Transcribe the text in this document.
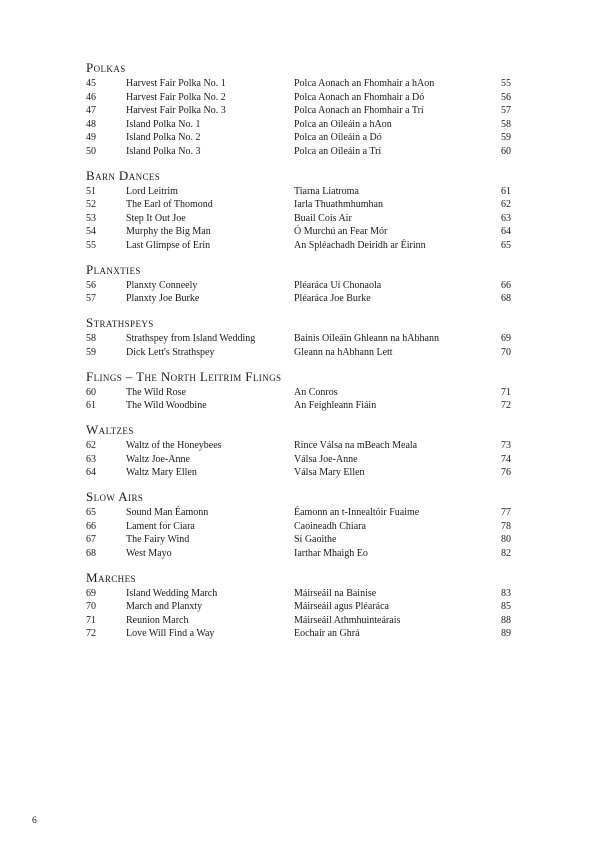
Polkas
45	Harvest Fair Polka No. 1	Polca Aonach an Fhomhair a hAon	55
46	Harvest Fair Polka No. 2	Polca Aonach an Fhomhair a Dó	56
47	Harvest Fair Polka No. 3	Polca Aonach an Fhomhair a Trí	57
48	Island Polka No. 1	Polca an Oileáin a hAon	58
49	Island Polka No. 2	Polca an Oileáin a Dó	59
50	Island Polka No. 3	Polca an Oileáin a Trí	60
Barn Dances
51	Lord Leitrim	Tiarna Liatroma	61
52	The Earl of Thomond	Iarla Thuathmhumhan	62
53	Step It Out Joe	Buail Cois Air	63
54	Murphy the Big Man	Ó Murchú an Fear Mór	64
55	Last Glimpse of Erin	An Spléachadh Deiridh ar Éirinn	65
Planxties
56	Planxty Conneely	Pléaráca Uí Chonaola	66
57	Planxty Joe Burke	Pléaráca Joe Burke	68
Strathspeys
58	Strathspey from Island Wedding	Bainis Oileáin Ghleann na hAbhann	69
59	Dick Lett's Strathspey	Gleann na hAbhann Lett	70
Flings – The North Leitrim Flings
60	The Wild Rose	An Conros	71
61	The Wild Woodbine	An Feighleann Fiáin	72
Waltzes
62	Waltz of the Honeybees	Rince Válsa na mBeach Meala	73
63	Waltz Joe-Anne	Válsa Joe-Anne	74
64	Waltz Mary Ellen	Válsa Mary Ellen	76
Slow Airs
65	Sound Man Éamonn	Éamonn an t-Innealtóir Fuaime	77
66	Lament for Ciara	Caoineadh Chiara	78
67	The Fairy Wind	Sí Gaoithe	80
68	West Mayo	Iarthar Mhaigh Eo	82
Marches
69	Island Wedding March	Máirseáil na Bainise	83
70	March and Planxty	Máirseáil agus Pléaráca	85
71	Reunion March	Máirseáil Athmhuinteárais	88
72	Love Will Find a Way	Eochair an Ghrá	89
6
